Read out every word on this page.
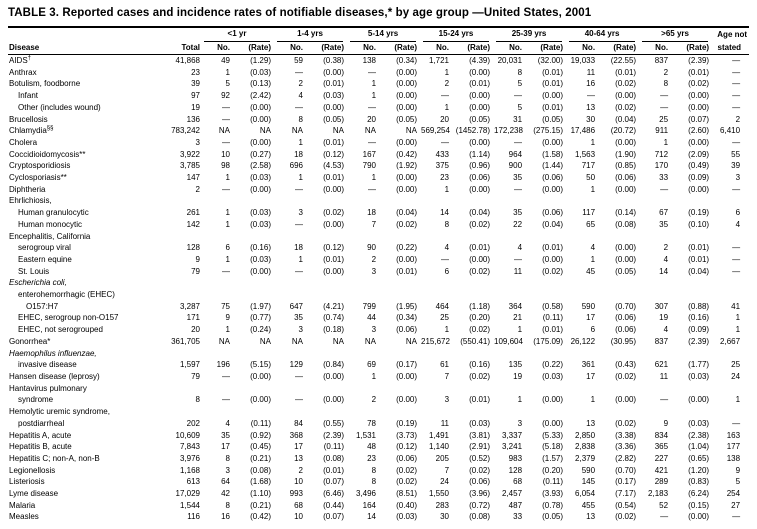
TABLE 3. Reported cases and incidence rates of notifiable diseases,* by age group —United States, 2001

		<1 yr		1-4 yrs		5-14 yrs		15-24 yrs		25-39 yrs		40-64 yrs		>65 yrs		Age not
Disease	Total	No.	(Rate)	No.	(Rate)	No.	(Rate)	No.	(Rate)	No.	(Rate)	No.	(Rate)	No.	(Rate)	stated
AIDS†	41,868	49	(1.29)	59	(0.38)	138	(0.34)	1,721	(4.39)	20,031	(32.00)	19,033	(22.55)	837	(2.39)	—
Anthrax	23	1	(0.03)	—	(0.00)	—	(0.00)	1	(0.00)	8	(0.01)	11	(0.01)	2	(0.01)	—
Botulism, foodborne	39	5	(0.13)	2	(0.01)	1	(0.00)	2	(0.01)	5	(0.01)	16	(0.02)	8	(0.02)	—
Infant	97	92	(2.42)	4	(0.03)	1	(0.00)	—	(0.00)	—	(0.00)	—	(0.00)	—	(0.00)	—
Other (includes wound)	19	—	(0.00)	—	(0.00)	—	(0.00)	1	(0.00)	5	(0.01)	13	(0.02)	—	(0.00)	—
Brucellosis	136	—	(0.00)	8	(0.05)	20	(0.05)	20	(0.05)	31	(0.05)	30	(0.04)	25	(0.07)	2
Chlamydia§§	783,242	NA	NA	NA	NA	NA	NA	569,254	(1452.78)	172,238	(275.15)	17,486	(20.72)	911	(2.60)	6,410
Cholera	3	—	(0.00)	1	(0.01)	—	(0.00)	—	(0.00)	—	(0.00)	1	(0.00)	1	(0.00)	—
Coccidioidomycosis**	3,922	10	(0.27)	18	(0.12)	167	(0.42)	433	(1.14)	964	(1.58)	1,563	(1.90)	712	(2.09)	55
Cryptosporidiosis	3,785	98	(2.58)	696	(4.53)	790	(1.92)	375	(0.96)	900	(1.44)	717	(0.85)	170	(0.49)	39
Cyclosporiasis**	147	1	(0.03)	1	(0.01)	1	(0.00)	23	(0.06)	35	(0.06)	50	(0.06)	33	(0.09)	3
Diphtheria	2	—	(0.00)	—	(0.00)	—	(0.00)	1	(0.00)	—	(0.00)	1	(0.00)	—	(0.00)	—
Ehrlichiosis,																
Human granulocytic	261	1	(0.03)	3	(0.02)	18	(0.04)	14	(0.04)	35	(0.06)	117	(0.14)	67	(0.19)	6
Human monocytic	142	1	(0.03)	—	(0.00)	7	(0.02)	8	(0.02)	22	(0.04)	65	(0.08)	35	(0.10)	4
Encephalitis, California																
serogroup viral	128	6	(0.16)	18	(0.12)	90	(0.22)	4	(0.01)	4	(0.01)	4	(0.00)	2	(0.01)	—
Eastern equine	9	1	(0.03)	1	(0.01)	2	(0.00)	—	(0.00)	—	(0.00)	1	(0.00)	4	(0.01)	—
St. Louis	79	—	(0.00)	—	(0.00)	3	(0.01)	6	(0.02)	11	(0.02)	45	(0.05)	14	(0.04)	—
Escherichia coli,																
enterohemorrhagic (EHEC)																
O157:H7	3,287	75	(1.97)	647	(4.21)	799	(1.95)	464	(1.18)	364	(0.58)	590	(0.70)	307	(0.88)	41
EHEC, serogroup non-O157	171	9	(0.77)	35	(0.74)	44	(0.34)	25	(0.20)	21	(0.11)	17	(0.06)	19	(0.16)	1
EHEC, not serogrouped	20	1	(0.24)	3	(0.18)	3	(0.06)	1	(0.02)	1	(0.01)	6	(0.06)	4	(0.09)	1
Gonorrhea*	361,705	NA	NA	NA	NA	NA	NA	215,672	(550.41)	109,604	(175.09)	26,122	(30.95)	837	(2.39)	2,667
Haemophilus influenzae,																
invasive disease	1,597	196	(5.15)	129	(0.84)	69	(0.17)	61	(0.16)	135	(0.22)	361	(0.43)	621	(1.77)	25
Hansen disease (leprosy)	79	—	(0.00)	—	(0.00)	1	(0.00)	7	(0.02)	19	(0.03)	17	(0.02)	11	(0.03)	24
Hantavirus pulmonary																
syndrome	8	—	(0.00)	—	(0.00)	2	(0.00)	3	(0.01)	1	(0.00)	1	(0.00)	—	(0.00)	1
Hemolytic uremic syndrome,																
postdiarrheal	202	4	(0.11)	84	(0.55)	78	(0.19)	11	(0.03)	3	(0.00)	13	(0.02)	9	(0.03)	—
Hepatitis A, acute	10,609	35	(0.92)	368	(2.39)	1,531	(3.73)	1,491	(3.81)	3,337	(5.33)	2,850	(3.38)	834	(2.38)	163
Hepatitis B, acute	7,843	17	(0.45)	17	(0.11)	48	(0.12)	1,140	(2.91)	3,241	(5.18)	2,838	(3.36)	365	(1.04)	177
Hepatitis C; non-A, non-B	3,976	8	(0.21)	13	(0.08)	23	(0.06)	205	(0.52)	983	(1.57)	2,379	(2.82)	227	(0.65)	138
Legionellosis	1,168	3	(0.08)	2	(0.01)	8	(0.02)	7	(0.02)	128	(0.20)	590	(0.70)	421	(1.20)	9
Listeriosis	613	64	(1.68)	10	(0.07)	8	(0.02)	24	(0.06)	68	(0.11)	145	(0.17)	289	(0.83)	5
Lyme disease	17,029	42	(1.10)	993	(6.46)	3,496	(8.51)	1,550	(3.96)	2,457	(3.93)	6,054	(7.17)	2,183	(6.24)	254
Malaria	1,544	8	(0.21)	68	(0.44)	164	(0.40)	283	(0.72)	487	(0.78)	455	(0.54)	52	(0.15)	27
Measles	116	16	(0.42)	10	(0.07)	14	(0.03)	30	(0.08)	33	(0.05)	13	(0.02)	—	(0.00)	—
